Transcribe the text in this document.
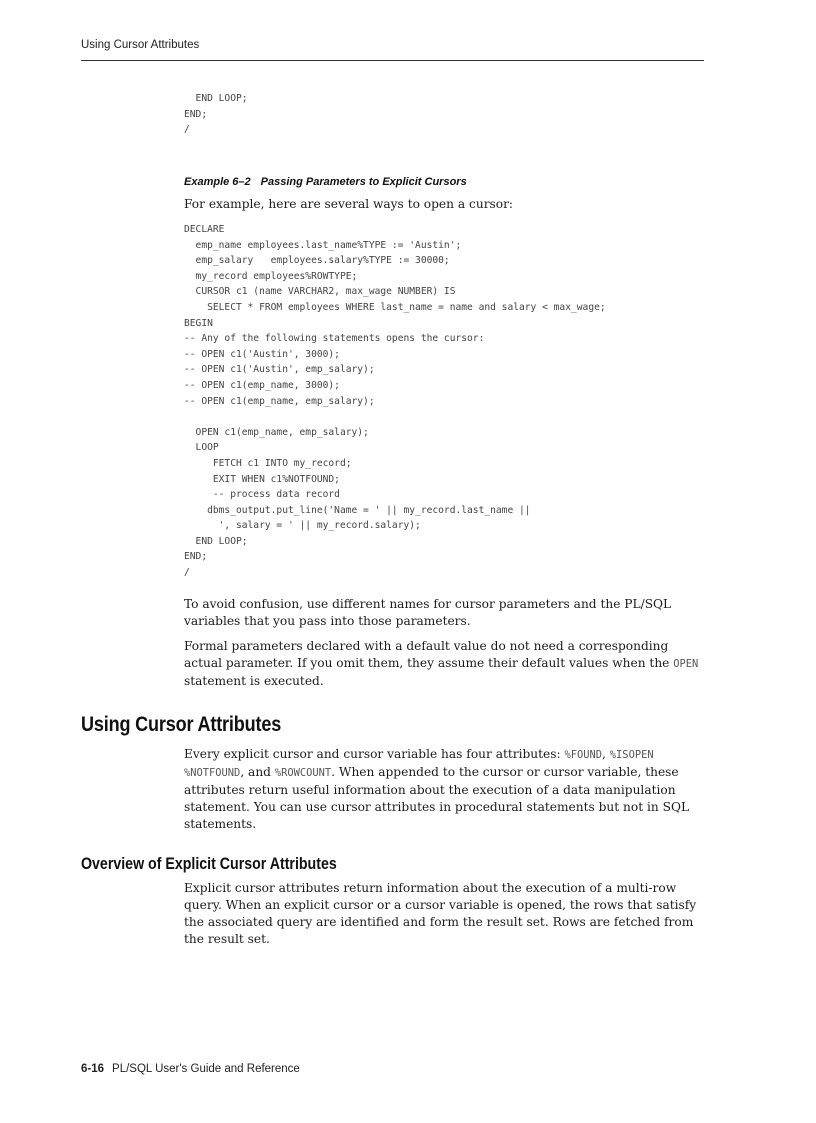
Using Cursor Attributes
END LOOP;
END;
/
Example 6–2 Passing Parameters to Explicit Cursors

For example, here are several ways to open a cursor:

DECLARE
emp_name employees.last_name%TYPE := 'Austin';
emp_salary   employees.salary%TYPE := 30000;
my_record employees%ROWTYPE;
CURSOR c1 (name VARCHAR2, max_wage NUMBER) IS
SELECT * FROM employees WHERE last_name = name and salary < max_wage;
BEGIN
-- Any of the following statements opens the cursor:
-- OPEN c1('Austin', 3000);
-- OPEN c1('Austin', emp_salary);
-- OPEN c1(emp_name, 3000);
-- OPEN c1(emp_name, emp_salary);
OPEN c1(emp_name, emp_salary);
LOOP
FETCH c1 INTO my_record;
EXIT WHEN c1%NOTFOUND;
-- process data record
dbms_output.put_line('Name = ' || my_record.last_name ||
', salary = ' || my_record.salary);
END LOOP;
END;
/

To avoid confusion, use different names for cursor parameters and the PL/SQL variables that you pass into those parameters.

Formal parameters declared with a default value do not need a corresponding actual parameter. If you omit them, they assume their default values when the OPEN statement is executed.

Using Cursor Attributes

Every explicit cursor and cursor variable has four attributes: %FOUND, %ISOPEN %NOTFOUND, and %ROWCOUNT. When appended to the cursor or cursor variable, these attributes return useful information about the execution of a data manipulation statement. You can use cursor attributes in procedural statements but not in SQL statements.

Overview of Explicit Cursor Attributes

Explicit cursor attributes return information about the execution of a multi-row query. When an explicit cursor or a cursor variable is opened, the rows that satisfy the associated query are identified and form the result set. Rows are fetched from the result set.

6-16 PL/SQL User's Guide and Reference
